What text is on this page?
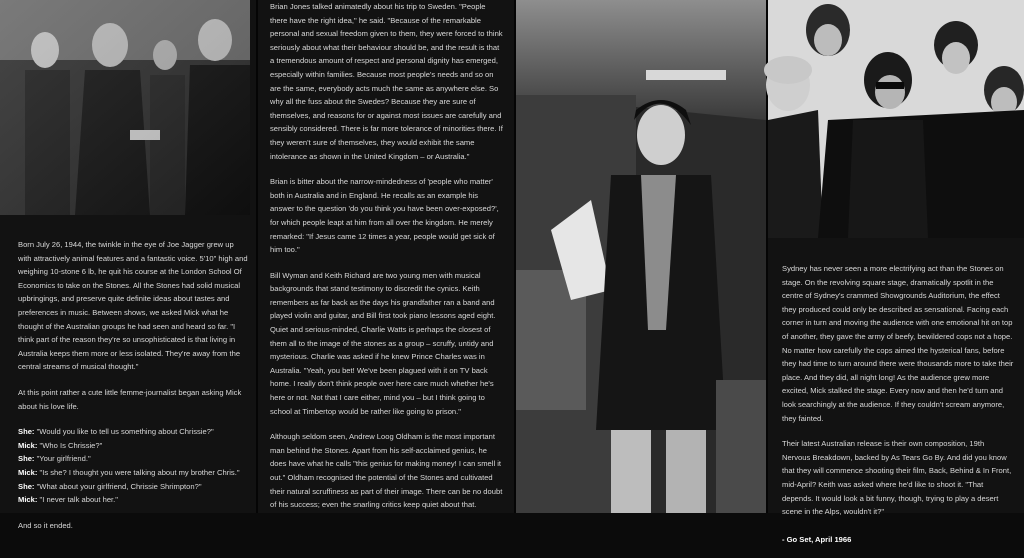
Born July 26, 1944, the twinkle in the eye of Joe Jagger grew up with attractively animal features and a fantastic voice. 5'10" high and weighing 10-stone 6 lb, he quit his course at the London School Of Economics to take on the Stones. All the Stones had solid musical upbringings, and preserve quite definite ideas about tastes and preferences in music. Between shows, we asked Mick what he thought of the Australian groups he had seen and heard so far. "I think part of the reason they're so unsophisticated is that living in Australia keeps them more or less isolated. They're away from the central streams of musical thought."

At this point rather a cute little femme-journalist began asking Mick about his love life.

She: "Would you like to tell us something about Chrissie?"
Mick: "Who Is Chrissie?"
She: "Your girlfriend."
Mick: "Is she? I thought you were talking about my brother Chris."
She: "What about your girlfriend, Chrissie Shrimpton?"
Mick: "I never talk about her."

And so it ended.

Brian Jones talked animatedly about his trip to Sweden. "People there have the right idea," he said. "Because of the remarkable personal and sexual freedom given to them, they were forced to think seriously about what their behaviour should be, and the result is that a tremendous amount of respect and personal dignity has emerged, especially within families. Because most people's needs and so on are the same, everybody acts much the same as anywhere else. So why all the fuss about the Swedes? Because they are sure of themselves, and reasons for or against most issues are carefully and sensibly considered. There is far more tolerance of minorities there. If they weren't sure of themselves, they would exhibit the same intolerance as shown in the United Kingdom – or Australia."

Brian is bitter about the narrow-mindedness of 'people who matter' both in Australia and in England. He recalls as an example his answer to the question 'do you think you have been over-exposed?', for which people leapt at him from all over the kingdom. He merely remarked: "If Jesus came 12 times a year, people would get sick of him too."

Bill Wyman and Keith Richard are two young men with musical backgrounds that stand testimony to discredit the cynics. Keith remembers as far back as the days his grandfather ran a band and played violin and guitar, and Bill first took piano lessons aged eight. Quiet and serious-minded, Charlie Watts is perhaps the closest of them all to the image of the stones as a group – scruffy, untidy and mysterious. Charlie was asked if he knew Prince Charles was in Australia. "Yeah, you bet! We've been plagued with it on TV back home. I really don't think people over here care much whether he's here or not. Not that I care either, mind you – but I think going to school at Timbertop would be rather like going to prison."

Although seldom seen, Andrew Loog Oldham is the most important man behind the Stones. Apart from his self-acclaimed genius, he does have what he calls "this genius for making money! I can smell it out." Oldham recognised the potential of the Stones and cultivated their natural scruffiness as part of their image. There can be no doubt of his success; even the snarling critics keep quiet about that.

Sydney has never seen a more electrifying act than the Stones on stage. On the revolving square stage, dramatically spotlit in the centre of Sydney's crammed Showgrounds Auditorium, the effect they produced could only be described as sensational. Facing each corner in turn and moving the audience with one emotional hit on top of another, they gave the army of beefy, bewildered cops not a hope. No matter how carefully the cops aimed the hysterical fans, before they had time to turn around there were thousands more to take their place. And they did, all night long! As the audience grew more excited, Mick stalked the stage. Every now and then he'd turn and look searchingly at the audience. If they couldn't scream anymore, they fainted.

Their latest Australian release is their own composition, 19th Nervous Breakdown, backed by As Tears Go By. And did you know that they will commence shooting their film, Back, Behind & In Front, mid-April? Keith was asked where he'd like to shoot it. "That depends. It would look a bit funny, though, trying to play a desert scene in the Alps, wouldn't it?"

- Go Set, April 1966
